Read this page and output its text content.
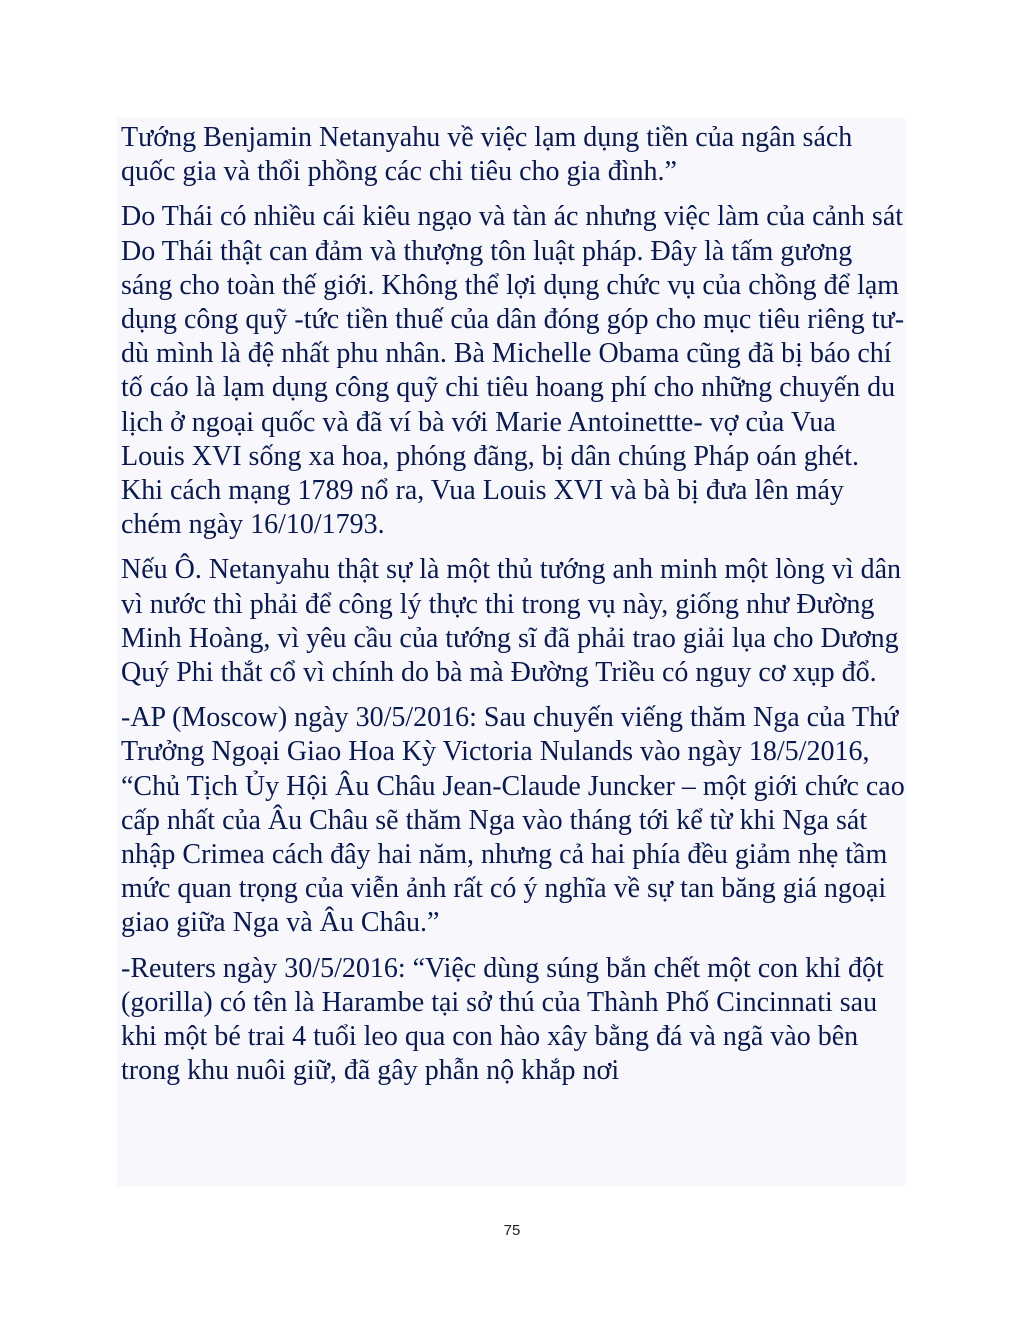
Tướng Benjamin Netanyahu về việc lạm dụng tiền của ngân sách quốc gia và thổi phồng các chi tiêu cho gia đình.”

Do Thái có nhiều cái kiêu ngạo và tàn ác nhưng việc làm của cảnh sát Do Thái thật can đảm và thượng tôn luật pháp. Đây là tấm gương sáng cho toàn thế giới. Không thể lợi dụng chức vụ của chồng để lạm dụng công quỹ -tức tiền thuế của dân đóng góp cho mục tiêu riêng tư- dù mình là đệ nhất phu nhân. Bà Michelle Obama cũng đã bị báo chí tố cáo là lạm dụng công quỹ chi tiêu hoang phí cho những chuyến du lịch ở ngoại quốc và đã ví bà với Marie Antoinettte- vợ của Vua Louis XVI sống xa hoa, phóng đãng, bị dân chúng Pháp oán ghét. Khi cách mạng 1789 nổ ra, Vua Louis XVI và bà bị đưa lên máy chém ngày 16/10/1793.

Nếu Ô. Netanyahu thật sự là một thủ tướng anh minh một lòng vì dân vì nước thì phải để công lý thực thi trong vụ này, giống như Đường Minh Hoàng, vì yêu cầu của tướng sĩ đã phải trao giải lụa cho Dương Quý Phi thắt cổ vì chính do bà mà Đường Triều có nguy cơ xụp đổ.

-AP (Moscow) ngày 30/5/2016: Sau chuyến viếng thăm Nga của Thứ Trưởng Ngoại Giao Hoa Kỳ Victoria Nulands vào ngày 18/5/2016, “Chủ Tịch Ủy Hội Âu Châu Jean-Claude Juncker – một giới chức cao cấp nhất của Âu Châu sẽ thăm Nga vào tháng tới kể từ khi Nga sát nhập Crimea cách đây hai năm, nhưng cả hai phía đều giảm nhẹ tầm mức quan trọng của viễn ảnh rất có ý nghĩa về sự tan băng giá ngoại giao giữa Nga và Âu Châu.”

-Reuters ngày 30/5/2016: “Việc dùng súng bắn chết một con khỉ đột (gorilla) có tên là Harambe tại sở thú của Thành Phố Cincinnati sau khi một bé trai 4 tuổi leo qua con hào xây bằng đá và ngã vào bên trong khu nuôi giữ, đã gây phẫn nộ khắp nơi

75
